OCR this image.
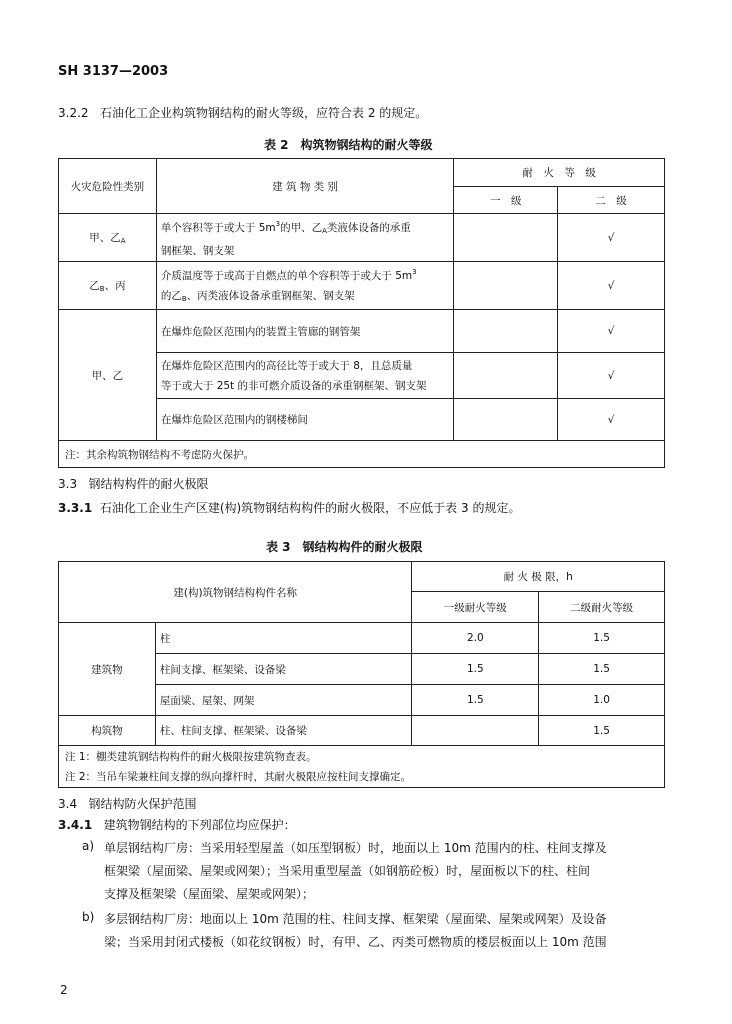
SH 3137—2003
3.2.2 石油化工企业构筑物钢结构的耐火等级，应符合表 2 的规定。
表 2　构筑物钢结构的耐火等级
火灾危险性类别	建 筑 物 类 别	耐　火　等　级	
		一　级	二　级
甲、乙$_A$	单个容积等于或大于 $5m^3$的甲、乙$_A$类液体设备的承重
钢框架、钢支架		√
乙$_B$、丙	介质温度等于或高于自燃点的单个容积等于或大于 $5m^3$
的乙$_B$、丙类液体设备承重钢框架、钢支架		√
甲、乙	在爆炸危险区范围内的装置主管廊的钢管架		√
	在爆炸危险区范围内的高径比等于或大于 8，且总质量
等于或大于 25t 的非可燃介质设备的承重钢框架、钢支架		√
	在爆炸危险区范围内的钢楼梯间		√
注：其余构筑物钢结构不考虑防火保护。			
3.3 钢结构构件的耐火极限
3.3.1 石油化工企业生产区建(构)筑物钢结构构件的耐火极限，不应低于表 3 的规定。
表 3　钢结构构件的耐火极限
建(构)筑物钢结构构件名称		耐 火 极 限，h	
		一级耐火等级	二级耐火等级
建筑物	柱	2.0	1.5
	柱间支撑、框架梁、设备梁	1.5	1.5
	屋面梁、屋架、网架	1.5	1.0
构筑物	柱、柱间支撑、框架梁、设备梁		1.5
注 1：棚类建筑钢结构构件的耐火极限按建筑物查表。
注 2：当吊车梁兼柱间支撑的纵向撑杆时，其耐火极限应按柱间支撑确定。			
3.4 钢结构防火保护范围
3.4.1 建筑物钢结构的下列部位均应保护：
a) 单层钢结构厂房：当采用轻型屋盖（如压型钢板）时，地面以上 10m 范围内的柱、柱间支撑及
框架梁（屋面梁、屋架或网架）；当采用重型屋盖（如钢筋砼板）时，屋面板以下的柱、柱间
支撑及框架梁（屋面梁、屋架或网架）；
b) 多层钢结构厂房：地面以上 10m 范围的柱、柱间支撑、框架梁（屋面梁、屋架或网架）及设备
梁；当采用封闭式楼板（如花纹钢板）时，有甲、乙、丙类可燃物质的楼层板面以上 10m 范围
2
